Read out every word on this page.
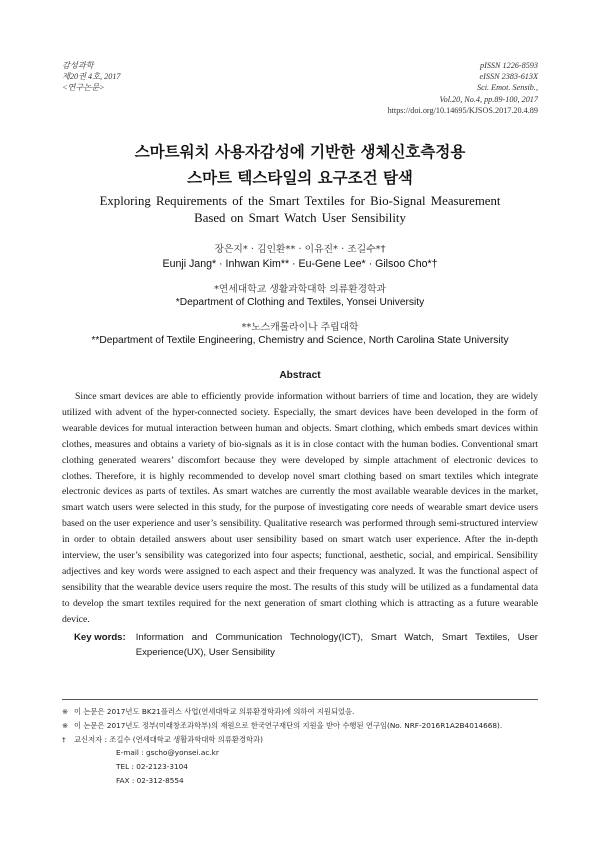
감성과학
제20권 4호, 2017
<연구논문>
pISSN 1226-8593
eISSN 2383-613X
Sci. Emot. Sensib.,
Vol.20, No.4, pp.89-100, 2017
https://doi.org/10.14695/KJSOS.2017.20.4.89
스마트워치 사용자감성에 기반한 생체신호측정용
스마트 텍스타일의 요구조건 탐색
Exploring Requirements of the Smart Textiles for Bio-Signal Measurement
Based on Smart Watch User Sensibility
장은지* · 김인환** · 이유진* · 조길수*†
Eunji Jang* · Inhwan Kim** · Eu-Gene Lee* · Gilsoo Cho*†
*연세대학교 생활과학대학 의류환경학과
*Department of Clothing and Textiles, Yonsei University
**노스캐롤라이나 주립대학
**Department of Textile Engineering, Chemistry and Science, North Carolina State University
Abstract

Since smart devices are able to efficiently provide information without barriers of time and location, they are widely utilized with advent of the hyper-connected society. Especially, the smart devices have been developed in the form of wearable devices for mutual interaction between human and objects. Smart clothing, which embeds smart devices within clothes, measures and obtains a variety of bio-signals as it is in close contact with the human bodies. Conventional smart clothing generated wearers’ discomfort because they were developed by simple attachment of electronic devices to clothes. Therefore, it is highly recommended to develop novel smart clothing based on smart textiles which integrate electronic devices as parts of textiles. As smart watches are currently the most available wearable devices in the market, smart watch users were selected in this study, for the purpose of investigating core needs of wearable smart device users based on the user experience and user’s sensibility. Qualitative research was performed through semi-structured interview in order to obtain detailed answers about user sensibility based on smart watch user experience. After the in-depth interview, the user’s sensibility was categorized into four aspects; functional, aesthetic, social, and empirical. Sensibility adjectives and key words were assigned to each aspect and their frequency was analyzed. It was the functional aspect of sensibility that the wearable device users require the most. The results of this study will be utilized as a fundamental data to develop the smart textiles required for the next generation of smart clothing which is attracting as a future wearable device.

Key words:	Information and Communication Technology(ICT), Smart Watch, Smart Textiles, User Experience(UX), User Sensibility
※ 이 논문은 2017년도 BK21플러스 사업(연세대학교 의류환경학과)에 의하여 지원되었음.
※ 이 논문은 2017년도 정부(미래창조과학부)의 재원으로 한국연구재단의 지원을 받아 수행된 연구임(No. NRF-2016R1A2B4014668).
†	교신저자 : 조길수 (연세대학교 생활과학대학 의류환경학과)
E-mail : gscho@yonsei.ac.kr
TEL : 02-2123-3104
FAX : 02-312-8554
